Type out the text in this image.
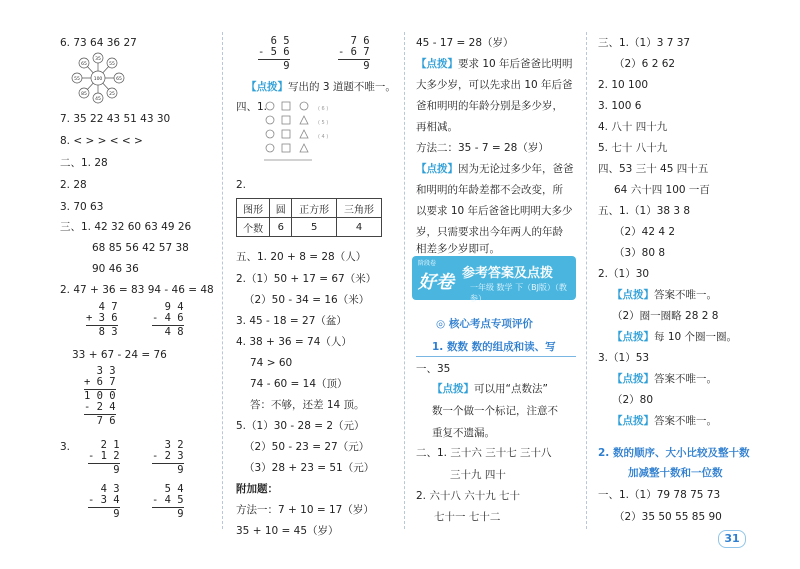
6. 73 64 36 27
100
35
55
65
25
45
85
55
65
7. 35 22 43 51 43 30
8. < > > < < >
二、1. 28
2. 28
3. 70 63
三、1. 42 32 60 63 49 26
68 85 56 42 57 38
90 46 36
2. 47 + 36 = 83 94 - 46 = 48
4 7
+ 3 6
8 3
9 4
- 4 6
4 8
33 + 67 - 24 = 76
3 3
+ 6 7
1 0 0
- 2 4
7 6
3.	2 1
- 1 2
9
3 2
- 2 3
9
4 3
- 3 4
9
5 4
- 4 5
9
6 5
- 5 6
9
7 6
- 6 7
9
【点拨】写出的 3 道题不唯一。
四、1.	( 6 )
( 5 )
( 4 )
2.
图形	圆	正方形	三角形
个数	6	5	4
五、1. 20 + 8 = 28（人）
2.（1）50 + 17 = 67（米）
（2）50 - 34 = 16（米）
3. 45 - 18 = 27（盆）
4. 38 + 36 = 74（人）
74 > 60
74 - 60 = 14（顶）
答：不够，还差 14 顶。
5.（1）30 - 28 = 2（元）
（2）50 - 23 = 27（元）
（3）28 + 23 = 51（元）
附加题：
方法一：7 + 10 = 17（岁）
35 + 10 = 45（岁）
45 - 17 = 28（岁）
【点拨】要求 10 年后爸爸比明明
大多少岁，可以先求出 10 年后爸
爸和明明的年龄分别是多少岁，
再相减。
方法二：35 - 7 = 28（岁）
【点拨】因为无论过多少年，爸爸
和明明的年龄差都不会改变，所
以要求 10 年后爸爸比明明大多少
岁，只需要求出今年两人的年龄
相差多少岁即可。
阶段卷
好卷 参考答案及点拨
一年级 数学 下（BJ版）（教参）
◎ 核心考点专项评价
1. 数数 数的组成和读、写
一、35
【点拨】可以用“点数法”
数一个做一个标记，注意不
重复不遗漏。
二、1. 三十六 三十七 三十八
三十九 四十
2. 六十八 六十九 七十
七十一 七十二
三、1.（1）3 7 37
（2）6 2 62
2. 10 100
3. 100 6
4. 八十 四十九
5. 七十 八十九
四、53 三十 45 四十五
64 六十四 100 一百
五、1.（1）38 3 8
（2）42 4 2
（3）80 8
2.（1）30
【点拨】答案不唯一。
（2）圈一圈略 28 2 8
【点拨】每 10 个圈一圈。
3.（1）53
【点拨】答案不唯一。
（2）80
【点拨】答案不唯一。
2. 数的顺序、大小比较及整十数
加减整十数和一位数
一、1.（1）79 78 75 73
（2）35 50 55 85 90
31
